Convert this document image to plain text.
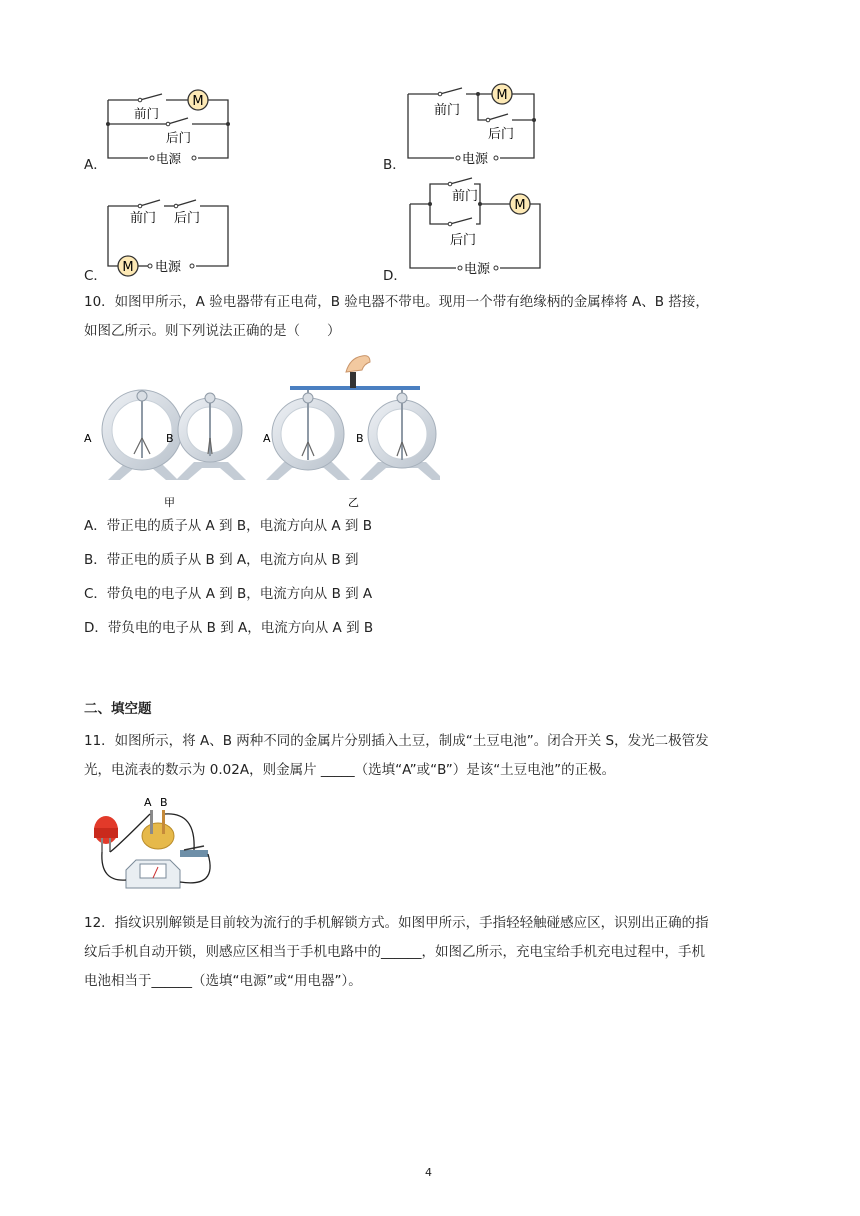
A．
M
前门
后门
电源	B．
M
前门
后门
电源
C．
M
前门 后门
电源
D．
M
前门
后门
电源
10．如图甲所示，A 验电器带有正电荷，B 验电器不带电。现用一个带有绝缘柄的金属棒将 A、B 搭接，
如图乙所示。则下列说法正确的是（　　）
A	B	A	B
甲	乙
A．带正电的质子从 A 到 B，电流方向从 A 到 B
B．带正电的质子从 B 到 A，电流方向从 B 到
C．带负电的电子从 A 到 B，电流方向从 B 到 A
D．带负电的电子从 B 到 A，电流方向从 A 到 B
二、填空题
11．如图所示，将 A、B 两种不同的金属片分别插入土豆，制成“土豆电池”。闭合开关 S，发光二极管发
光，电流表的数示为 0.02A，则金属片 _____（选填“A”或“B”）是该“土豆电池”的正极。
A B
12．指纹识别解锁是目前较为流行的手机解锁方式。如图甲所示，手指轻轻触碰感应区，识别出正确的指
纹后手机自动开锁，则感应区相当于手机电路中的______，如图乙所示，充电宝给手机充电过程中，手机
电池相当于______（选填“电源”或“用电器”）。
4
